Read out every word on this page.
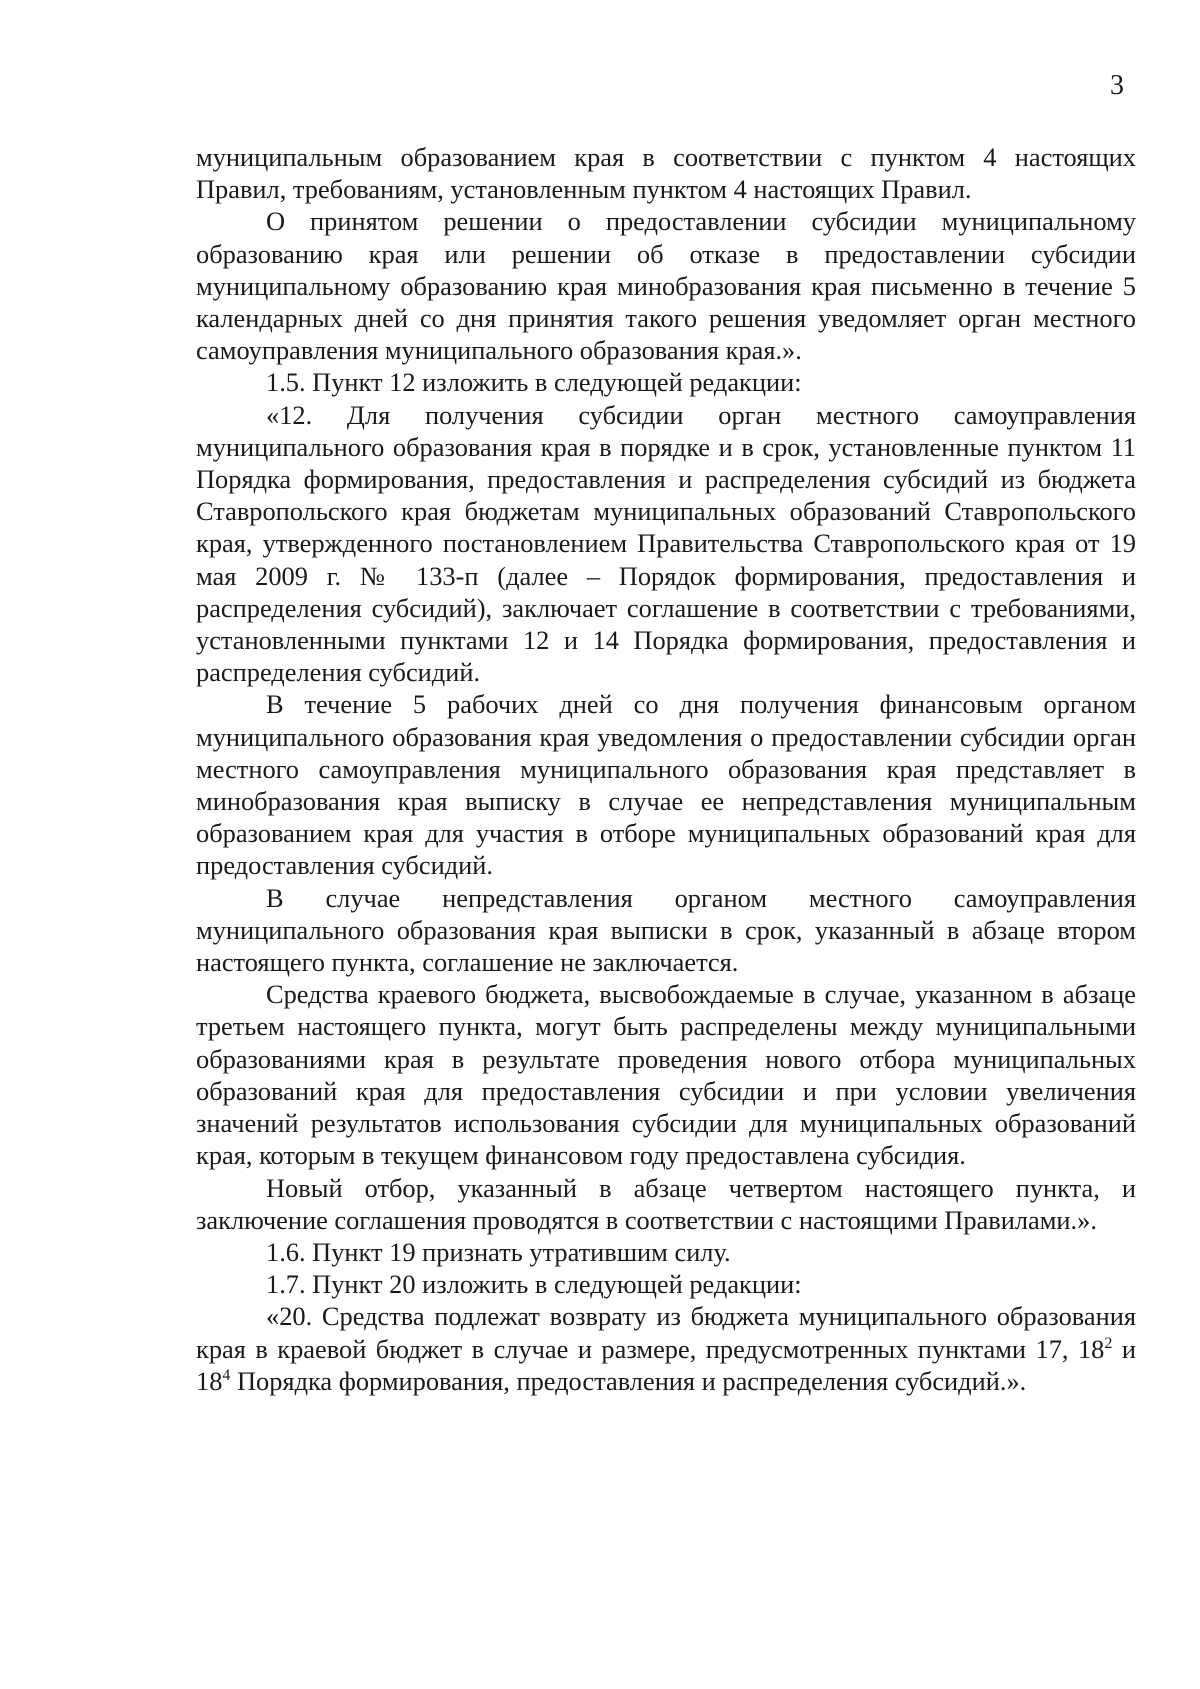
3

муниципальным образованием края в соответствии с пунктом 4 настоящих Правил, требованиям, установленным пунктом 4 настоящих Правил.

О принятом решении о предоставлении субсидии муниципальному образованию края или решении об отказе в предоставлении субсидии муниципальному образованию края минобразования края письменно в течение 5 календарных дней со дня принятия такого решения уведомляет орган местного самоуправления муниципального образования края.».

1.5. Пункт 12 изложить в следующей редакции:

«12. Для получения субсидии орган местного самоуправления муниципального образования края в порядке и в срок, установленные пунктом 11 Порядка формирования, предоставления и распределения субсидий из бюджета Ставропольского края бюджетам муниципальных образований Ставропольского края, утвержденного постановлением Правительства Ставропольского края от 19 мая 2009 г. № 133-п (далее – Порядок формирования, предоставления и распределения субсидий), заключает соглашение в соответствии с требованиями, установленными пунктами 12 и 14 Порядка формирования, предоставления и распределения субсидий.

В течение 5 рабочих дней со дня получения финансовым органом муниципального образования края уведомления о предоставлении субсидии орган местного самоуправления муниципального образования края представляет в минобразования края выписку в случае ее непредставления муниципальным образованием края для участия в отборе муниципальных образований края для предоставления субсидий.

В случае непредставления органом местного самоуправления муниципального образования края выписки в срок, указанный в абзаце втором настоящего пункта, соглашение не заключается.

Средства краевого бюджета, высвобождаемые в случае, указанном в абзаце третьем настоящего пункта, могут быть распределены между муниципальными образованиями края в результате проведения нового отбора муниципальных образований края для предоставления субсидии и при условии увеличения значений результатов использования субсидии для муниципальных образований края, которым в текущем финансовом году предоставлена субсидия.

Новый отбор, указанный в абзаце четвертом настоящего пункта, и заключение соглашения проводятся в соответствии с настоящими Правилами.».

1.6. Пункт 19 признать утратившим силу.

1.7. Пункт 20 изложить в следующей редакции:

«20. Средства подлежат возврату из бюджета муниципального образования края в краевой бюджет в случае и размере, предусмотренных пунктами 17, $18^2$ и $18^4$ Порядка формирования, предоставления и распределения субсидий.».
